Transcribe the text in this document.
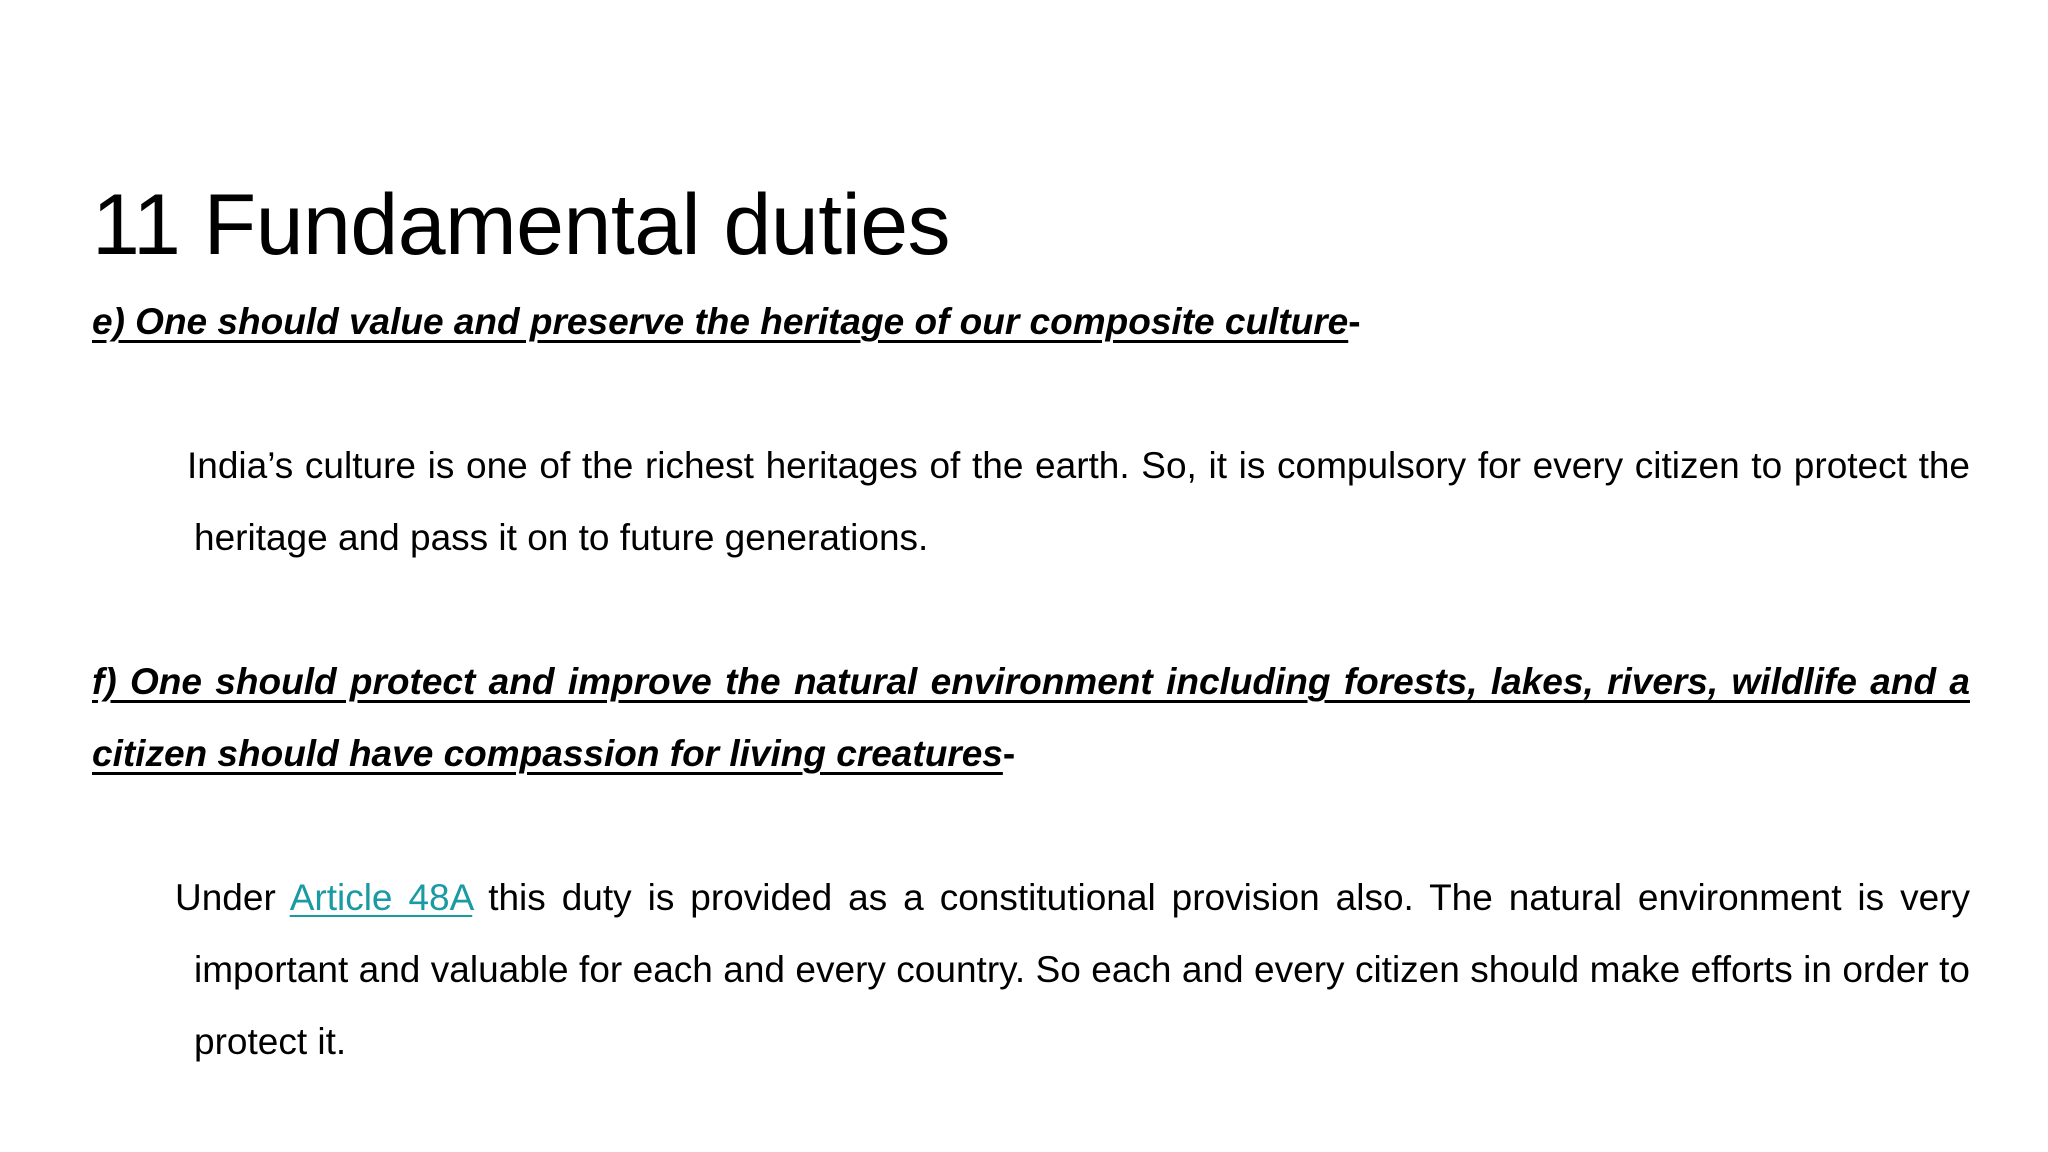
11 Fundamental duties

e) One should value and preserve the heritage of our composite culture-

India’s culture is one of the richest heritages of the earth. So, it is compulsory for every citizen to protect the heritage and pass it on to future generations.

f) One should protect and improve the natural environment including forests, lakes, rivers, wildlife and a citizen should have compassion for living creatures-

Under Article 48A this duty is provided as a constitutional provision also. The natural environment is very important and valuable for each and every country. So each and every citizen should make efforts in order to protect it.
